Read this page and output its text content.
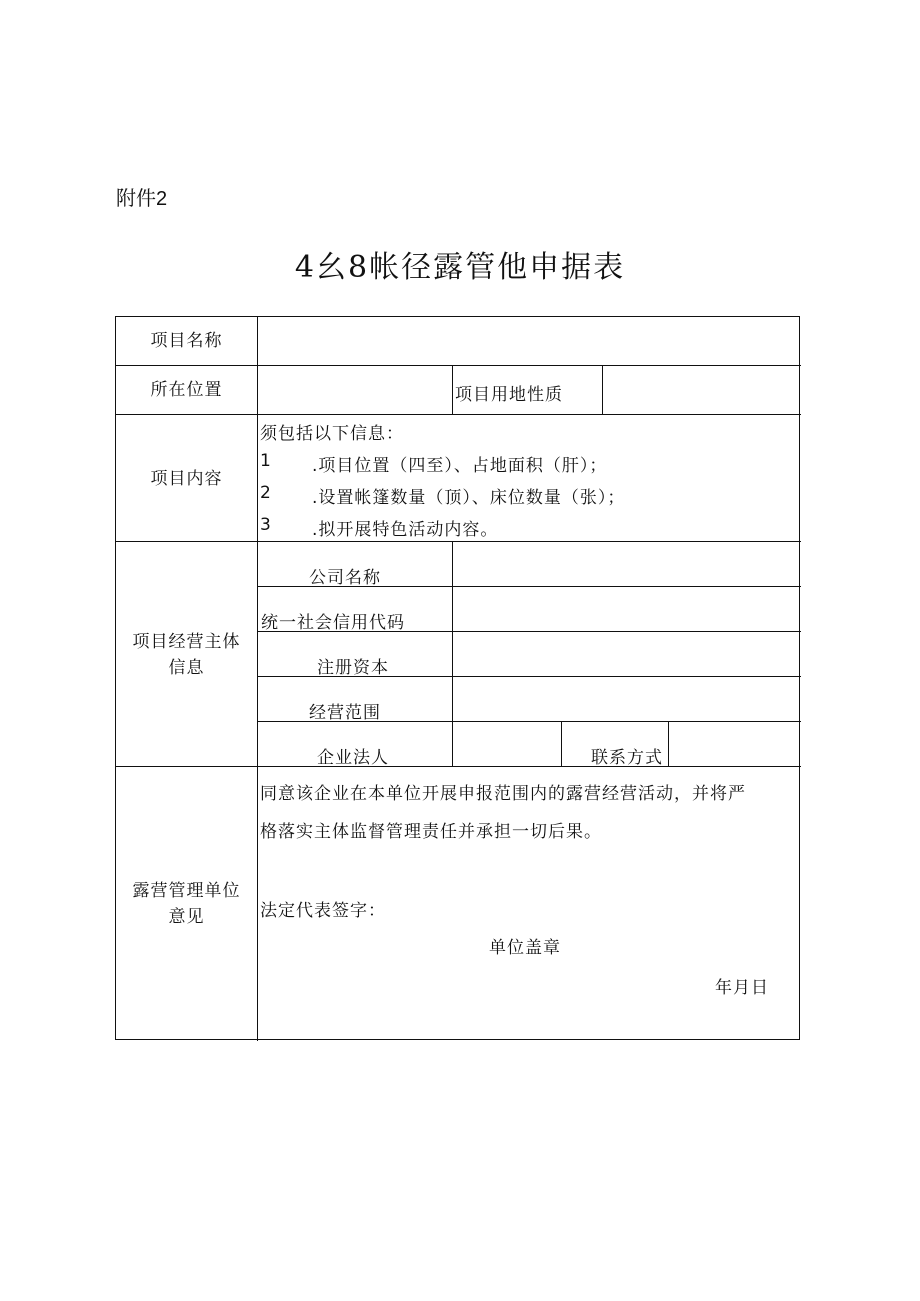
附件2
4幺8帐径露管他申据表
项目名称
所在位置	项目用地性质
项目内容
须包括以下信息：
1 .项目位置（四至）、占地面积（肝）；
2 .设置帐篷数量（顶）、床位数量（张）；
3 .拟开展特色活动内容。
项目经营主体
信息
公司名称
统一社会信用代码
注册资本
经营范围
企业法人	联系方式
露营管理单位
意见
同意该企业在本单位开展申报范围内的露营经营活动，并将严
格落实主体监督管理责任并承担一切后果。
法定代表签字：
单位盖章
年月日
